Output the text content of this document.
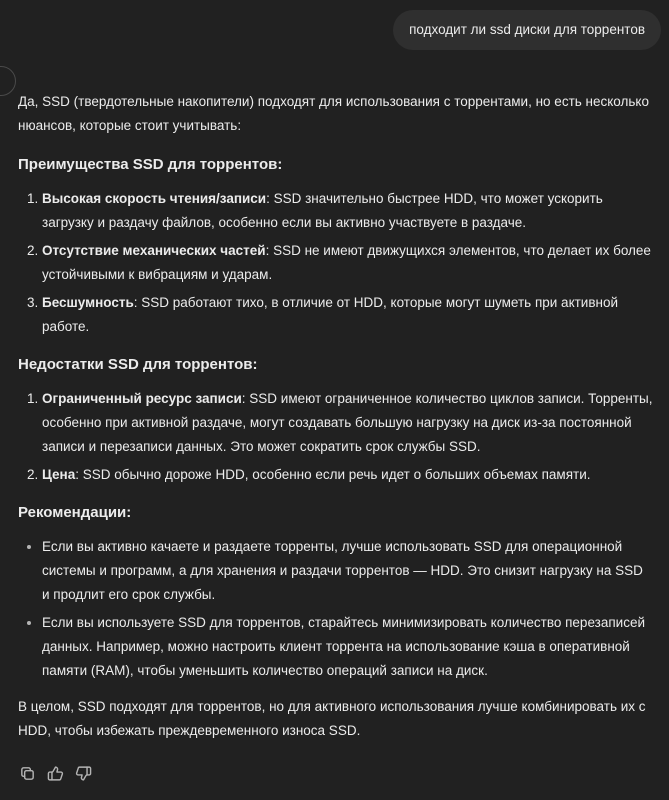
подходит ли ssd диски для торрентов

Да, SSD (твердотельные накопители) подходят для использования с торрентами, но есть несколько нюансов, которые стоит учитывать:

Преимущества SSD для торрентов:
1. Высокая скорость чтения/записи: SSD значительно быстрее HDD, что может ускорить загрузку и раздачу файлов, особенно если вы активно участвуете в раздаче.
2. Отсутствие механических частей: SSD не имеют движущихся элементов, что делает их более устойчивыми к вибрациям и ударам.
3. Бесшумность: SSD работают тихо, в отличие от HDD, которые могут шуметь при активной работе.
Недостатки SSD для торрентов:
1. Ограниченный ресурс записи: SSD имеют ограниченное количество циклов записи. Торренты, особенно при активной раздаче, могут создавать большую нагрузку на диск из-за постоянной записи и перезаписи данных. Это может сократить срок службы SSD.
2. Цена: SSD обычно дороже HDD, особенно если речь идет о больших объемах памяти.
Рекомендации:
• Если вы активно качаете и раздаете торренты, лучше использовать SSD для операционной системы и программ, а для хранения и раздачи торрентов — HDD. Это снизит нагрузку на SSD и продлит его срок службы.
• Если вы используете SSD для торрентов, старайтесь минимизировать количество перезаписей данных. Например, можно настроить клиент торрента на использование кэша в оперативной памяти (RAM), чтобы уменьшить количество операций записи на диск.

В целом, SSD подходят для торрентов, но для активного использования лучше комбинировать их с HDD, чтобы избежать преждевременного износа SSD.
